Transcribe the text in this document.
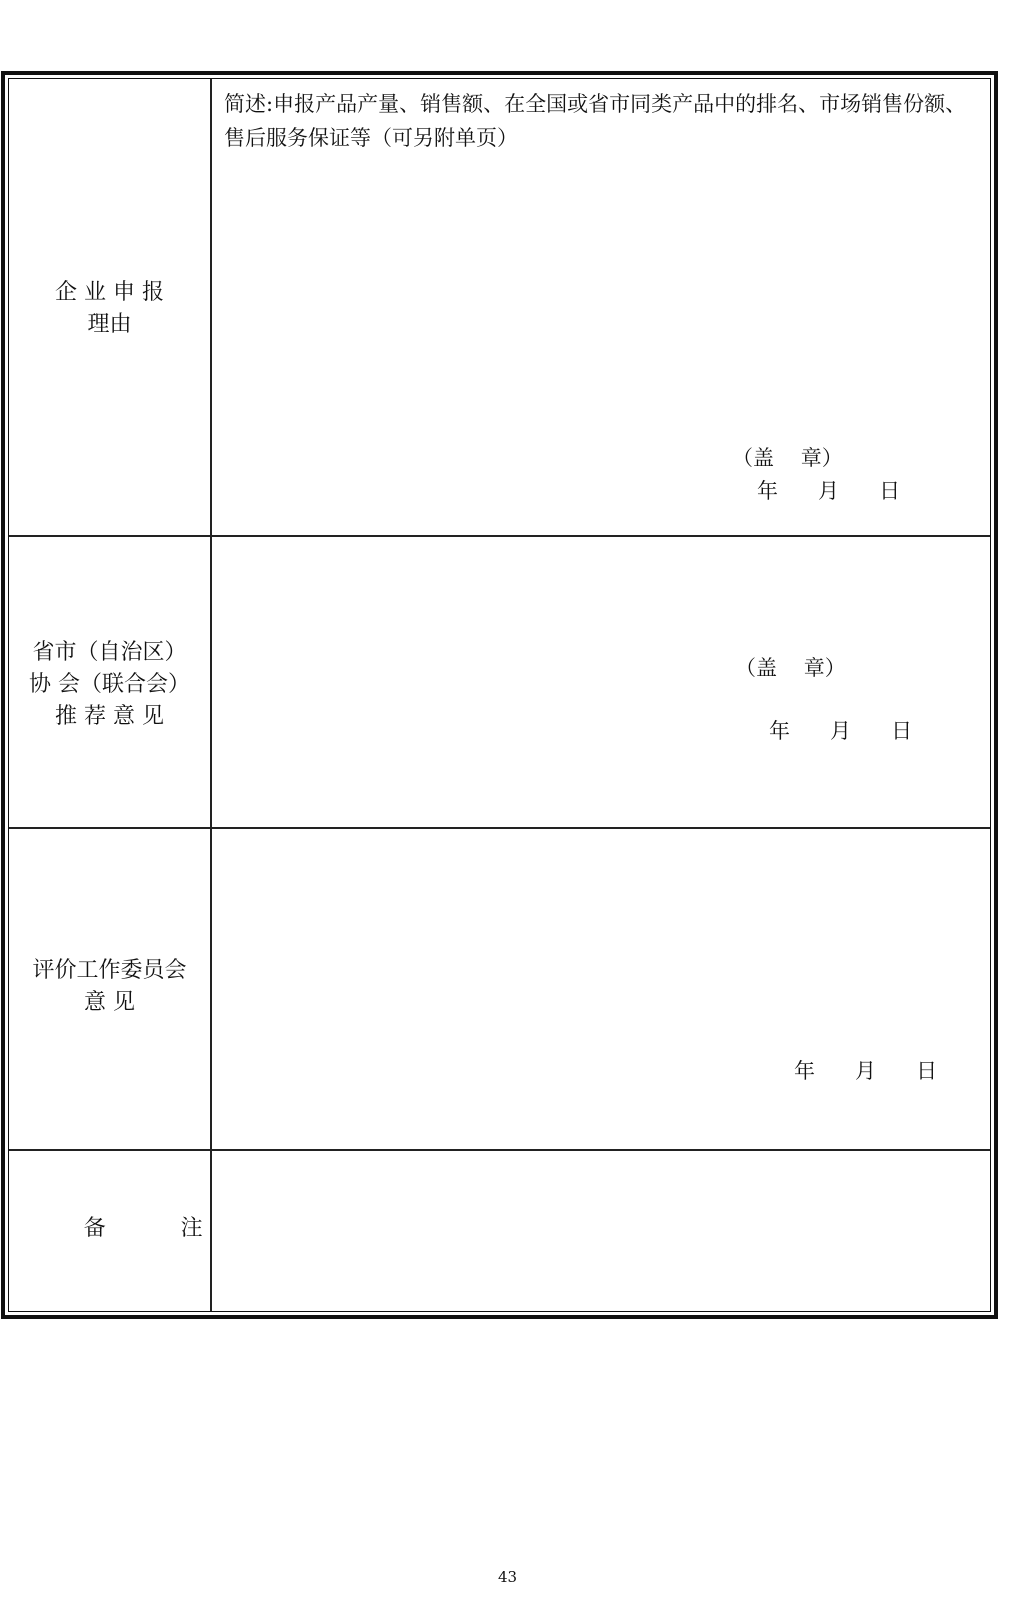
企 业 申 报
理由
简述:申报产品产量、销售额、在全国或省市同类产品中的排名、市场销售份额、售后服务保证等（可另附单页）
（盖    章）
年      月      日
省市（自治区）
协 会（联合会）
推 荐 意 见
（盖    章）
年      月      日
评价工作委员会
意 见
年      月      日
备注
43
